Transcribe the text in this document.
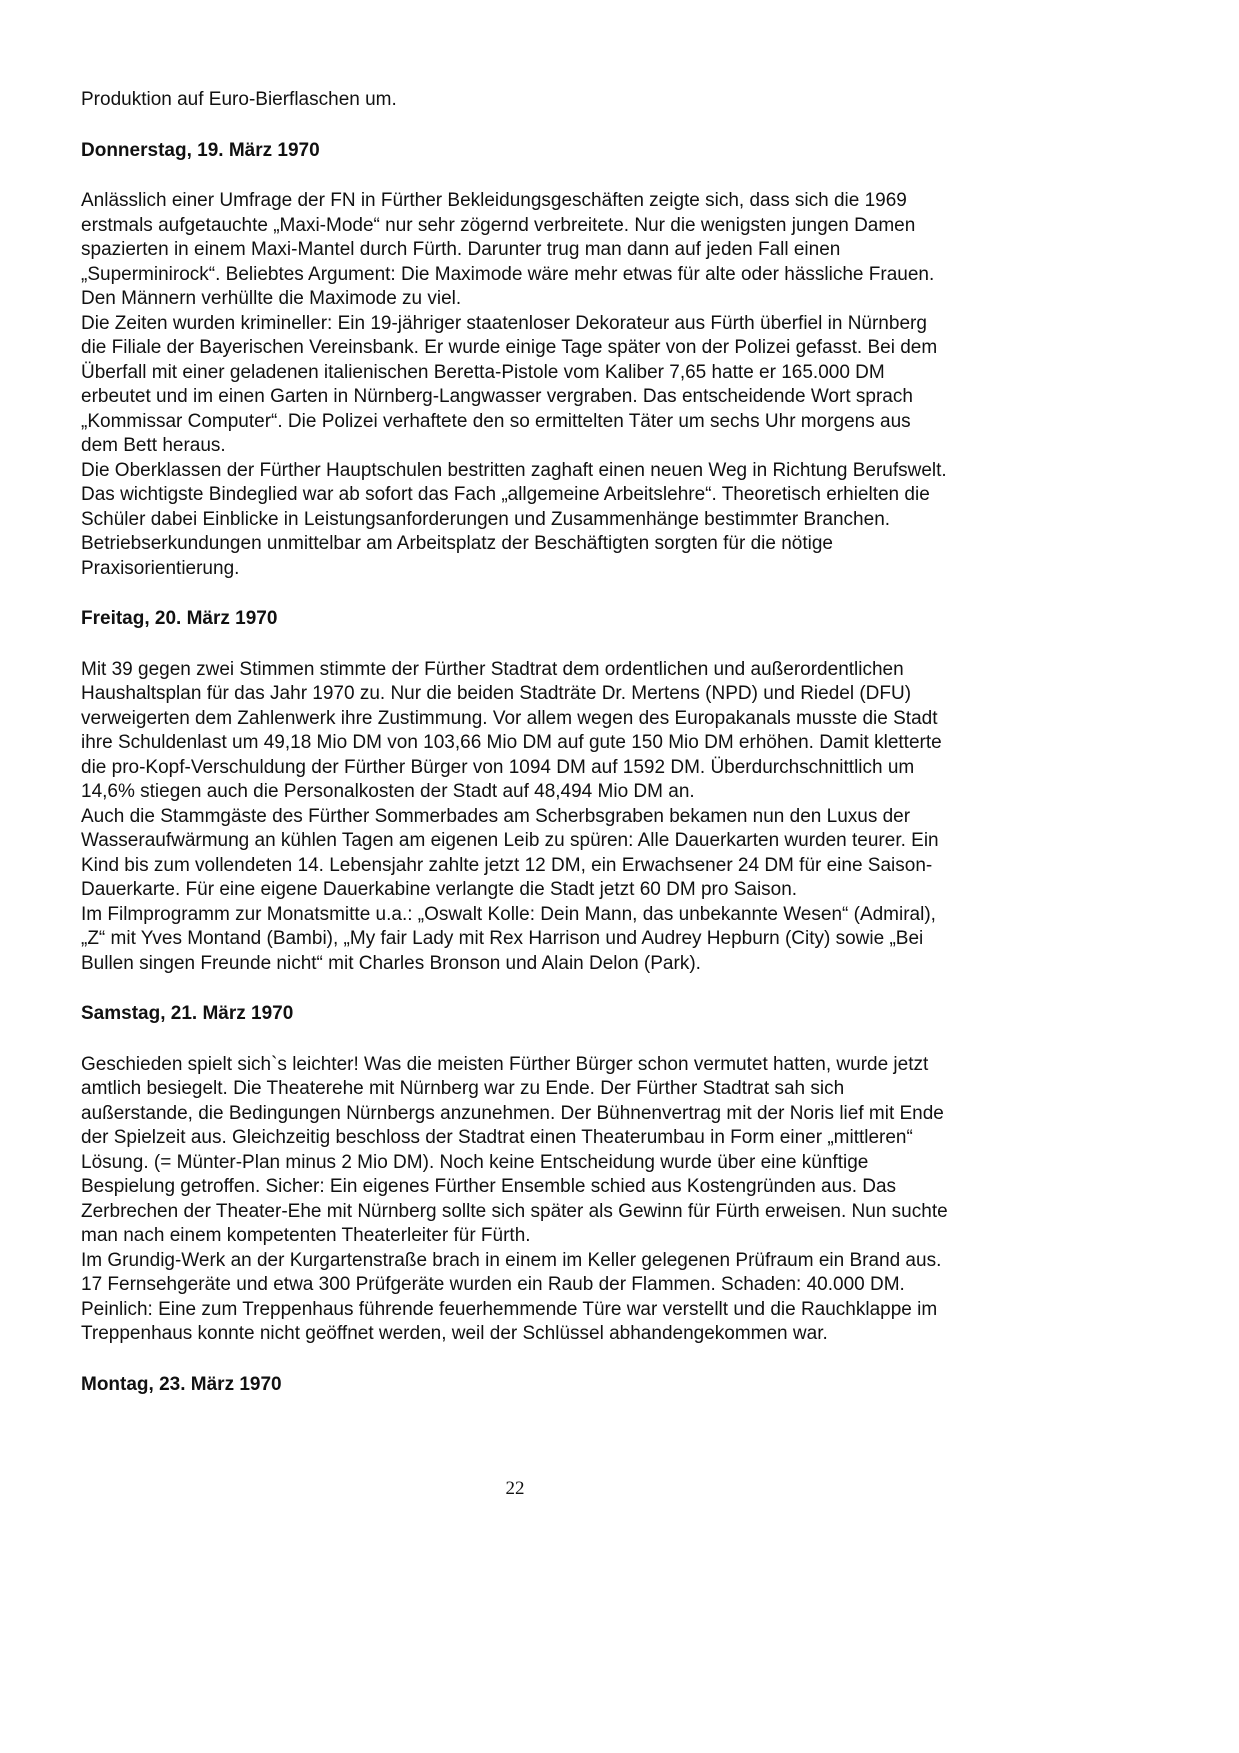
Produktion auf Euro-Bierflaschen um.

Donnerstag, 19. März 1970

Anlässlich einer Umfrage der FN in Fürther Bekleidungsgeschäften zeigte sich, dass sich die 1969 erstmals aufgetauchte „Maxi-Mode“ nur sehr zögernd verbreitete. Nur die wenigsten jungen Damen spazierten in einem Maxi-Mantel durch Fürth. Darunter trug man dann auf jeden Fall einen „Superminirock“. Beliebtes Argument: Die Maximode wäre mehr etwas für alte oder hässliche Frauen. Den Männern verhüllte die Maximode zu viel.

Die Zeiten wurden krimineller: Ein 19-jähriger staatenloser Dekorateur aus Fürth überfiel in Nürnberg die Filiale der Bayerischen Vereinsbank. Er wurde einige Tage später von der Polizei gefasst. Bei dem Überfall mit einer geladenen italienischen Beretta-Pistole vom Kaliber 7,65 hatte er 165.000 DM erbeutet und im einen Garten in Nürnberg-Langwasser vergraben. Das entscheidende Wort sprach „Kommissar Computer“. Die Polizei verhaftete den so ermittelten Täter um sechs Uhr morgens aus dem Bett heraus.

Die Oberklassen der Fürther Hauptschulen bestritten zaghaft einen neuen Weg in Richtung Berufswelt. Das wichtigste Bindeglied war ab sofort das Fach „allgemeine Arbeitslehre“. Theoretisch erhielten die Schüler dabei Einblicke in Leistungsanforderungen und Zusammenhänge bestimmter Branchen. Betriebserkundungen unmittelbar am Arbeitsplatz der Beschäftigten sorgten für die nötige Praxisorientierung.

Freitag, 20. März 1970

Mit 39 gegen zwei Stimmen stimmte der Fürther Stadtrat dem ordentlichen und außerordentlichen Haushaltsplan für das Jahr 1970 zu. Nur die beiden Stadträte Dr. Mertens (NPD) und Riedel (DFU) verweigerten dem Zahlenwerk ihre Zustimmung. Vor allem wegen des Europakanals musste die Stadt ihre Schuldenlast um 49,18 Mio DM von 103,66 Mio DM auf gute 150 Mio DM erhöhen. Damit kletterte die pro-Kopf-Verschuldung der Fürther Bürger von 1094 DM auf 1592 DM. Überdurchschnittlich um 14,6% stiegen auch die Personalkosten der Stadt auf 48,494 Mio DM an.

Auch die Stammgäste des Fürther Sommerbades am Scherbsgraben bekamen nun den Luxus der Wasseraufwärmung an kühlen Tagen am eigenen Leib zu spüren: Alle Dauerkarten wurden teurer. Ein Kind bis zum vollendeten 14. Lebensjahr zahlte jetzt 12 DM, ein Erwachsener 24 DM für eine Saison-Dauerkarte. Für eine eigene Dauerkabine verlangte die Stadt jetzt 60 DM pro Saison.

Im Filmprogramm zur Monatsmitte u.a.: „Oswalt Kolle: Dein Mann, das unbekannte Wesen“ (Admiral), „Z“ mit Yves Montand (Bambi), „My fair Lady mit Rex Harrison und Audrey Hepburn (City) sowie „Bei Bullen singen Freunde nicht“ mit Charles Bronson und Alain Delon (Park).

Samstag, 21. März 1970

Geschieden spielt sich`s leichter! Was die meisten Fürther Bürger schon vermutet hatten, wurde jetzt amtlich besiegelt. Die Theaterehe mit Nürnberg war zu Ende. Der Fürther Stadtrat sah sich außerstande, die Bedingungen Nürnbergs anzunehmen. Der Bühnenvertrag mit der Noris lief mit Ende der Spielzeit aus. Gleichzeitig beschloss der Stadtrat einen Theaterumbau in Form einer „mittleren“ Lösung. (= Münter-Plan minus 2 Mio DM). Noch keine Entscheidung wurde über eine künftige Bespielung getroffen. Sicher: Ein eigenes Fürther Ensemble schied aus Kostengründen aus. Das Zerbrechen der Theater-Ehe mit Nürnberg sollte sich später als Gewinn für Fürth erweisen. Nun suchte man nach einem kompetenten Theaterleiter für Fürth.

Im Grundig-Werk an der Kurgartenstraße brach in einem im Keller gelegenen Prüfraum ein Brand aus. 17 Fernsehgeräte und etwa 300 Prüfgeräte wurden ein Raub der Flammen. Schaden: 40.000 DM. Peinlich: Eine zum Treppenhaus führende feuerhemmende Türe war verstellt und die Rauchklappe im Treppenhaus konnte nicht geöffnet werden, weil der Schlüssel abhandengekommen war.

Montag, 23. März 1970
22
